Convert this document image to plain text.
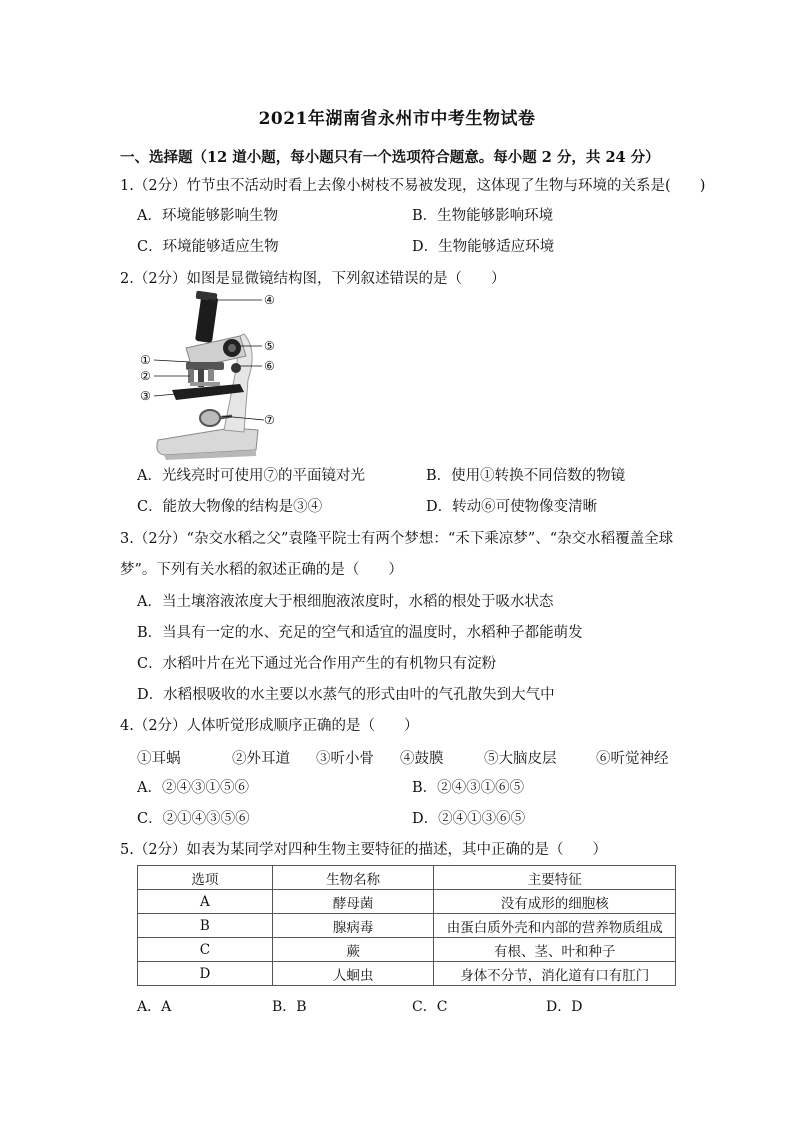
2021年湖南省永州市中考生物试卷
一、选择题（12 道小题，每小题只有一个选项符合题意。每小题 2 分，共 24 分）
1.（2分）竹节虫不活动时看上去像小树枝不易被发现，这体现了生物与环境的关系是(　　)
A．环境能够影响生物	B．生物能够影响环境
C．环境能够适应生物	D．生物能够适应环境
2.（2分）如图是显微镜结构图，下列叙述错误的是（　　）
①
②
③
④
⑤
⑥
⑦
A．光线亮时可使用⑦的平面镜对光	B．使用①转换不同倍数的物镜
C．能放大物像的结构是③④	D．转动⑥可使物像变清晰
3.（2分）“杂交水稻之父”袁隆平院士有两个梦想：“禾下乘凉梦”、“杂交水稻覆盖全球
梦”。下列有关水稻的叙述正确的是（　　）
A．当土壤溶液浓度大于根细胞液浓度时，水稻的根处于吸水状态
B．当具有一定的水、充足的空气和适宜的温度时，水稻种子都能萌发
C．水稻叶片在光下通过光合作用产生的有机物只有淀粉
D．水稻根吸收的水主要以水蒸气的形式由叶的气孔散失到大气中
4.（2分）人体听觉形成顺序正确的是（　　）
①耳蜗	②外耳道 ③听小骨 ④鼓膜	⑤大脑皮层	⑥听觉神经
A．②④③①⑤⑥	B．②④③①⑥⑤
C．②①④③⑤⑥	D．②④①③⑥⑤
5.（2分）如表为某同学对四种生物主要特征的描述，其中正确的是（　　）
选项	生物名称	主要特征
A	酵母菌	没有成形的细胞核
B	腺病毒	由蛋白质外壳和内部的营养物质组成
C	蕨	有根、茎、叶和种子
D	人蛔虫	身体不分节，消化道有口有肛门
A．A	B．B	C．C	D．D
